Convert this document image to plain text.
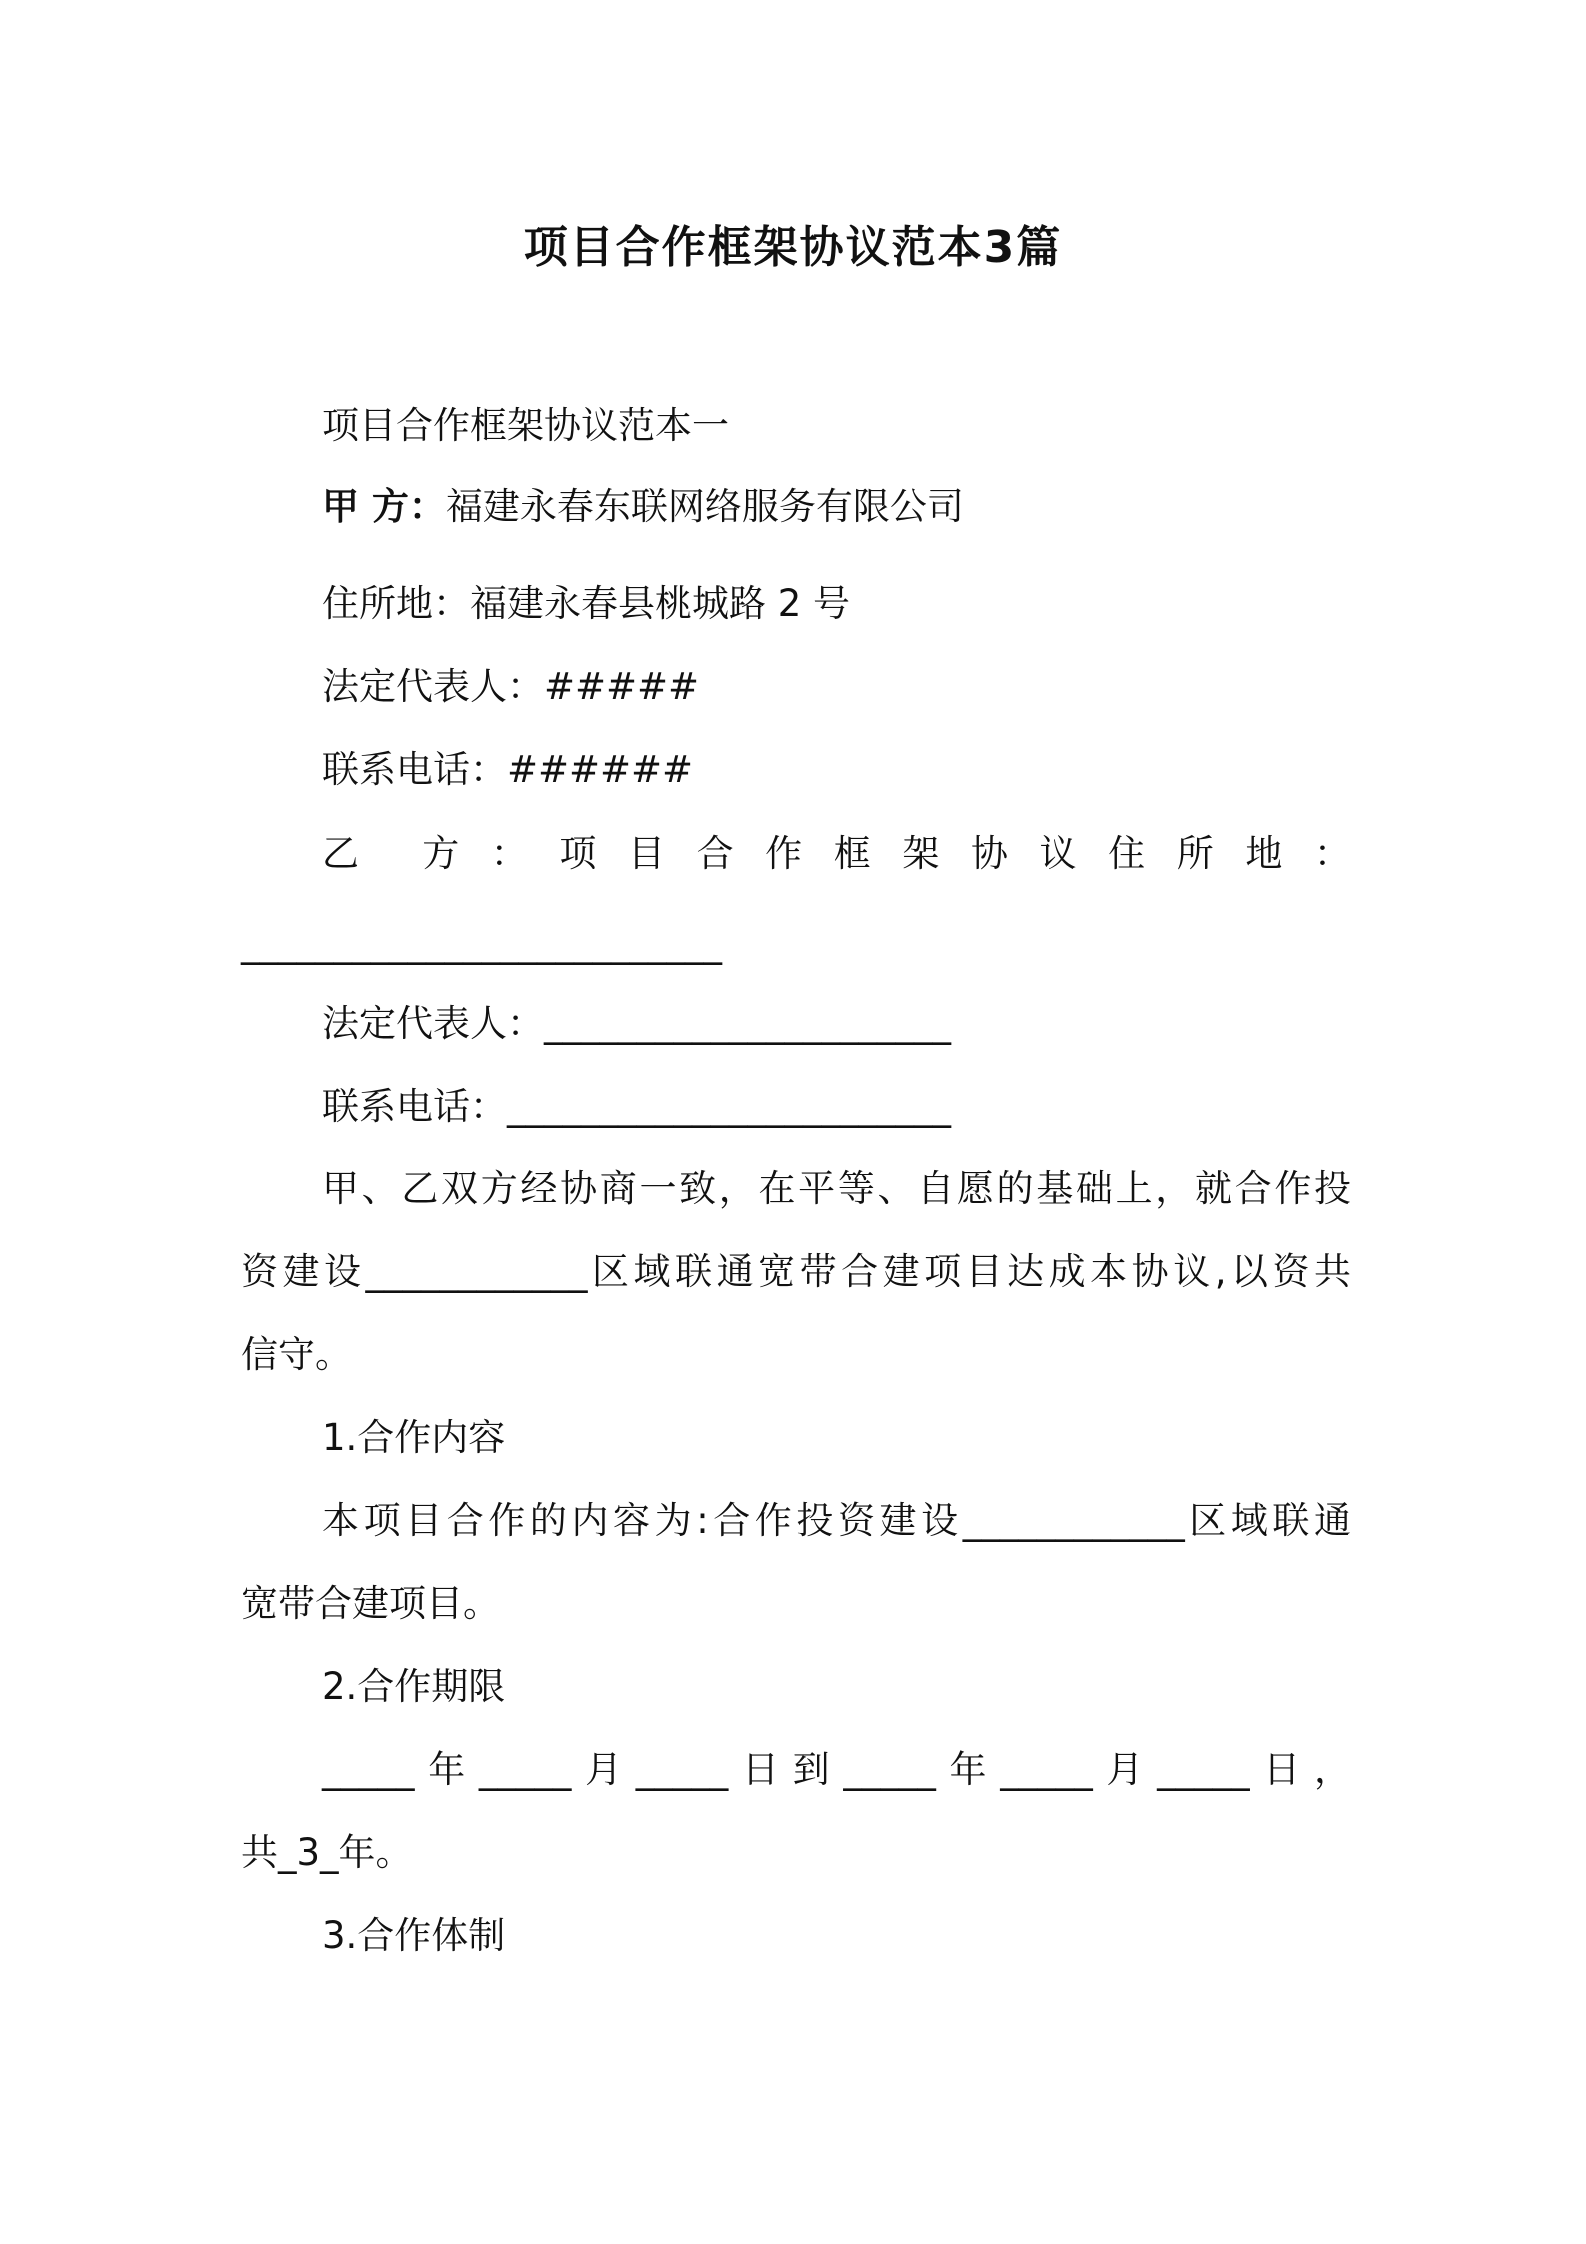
项目合作框架协议范本3篇
项目合作框架协议范本一
甲 方：福建永春东联网络服务有限公司
住所地：福建永春县桃城路 2 号
法定代表人：#####
联系电话：######
乙 方 ： 项 目 合 作 框 架 协 议 住 所 地 ：
__________________________
法定代表人：______________________
联系电话：________________________
甲、乙双方经协商一致，在平等、自愿的基础上，就合作投
资建设____________区域联通宽带合建项目达成本协议,以资共
信守。
1.合作内容
本项目合作的内容为:合作投资建设____________区域联通
宽带合建项目。
2.合作期限
_____年_____月_____日到_____年_____月_____日，
共_3_年。
3.合作体制
